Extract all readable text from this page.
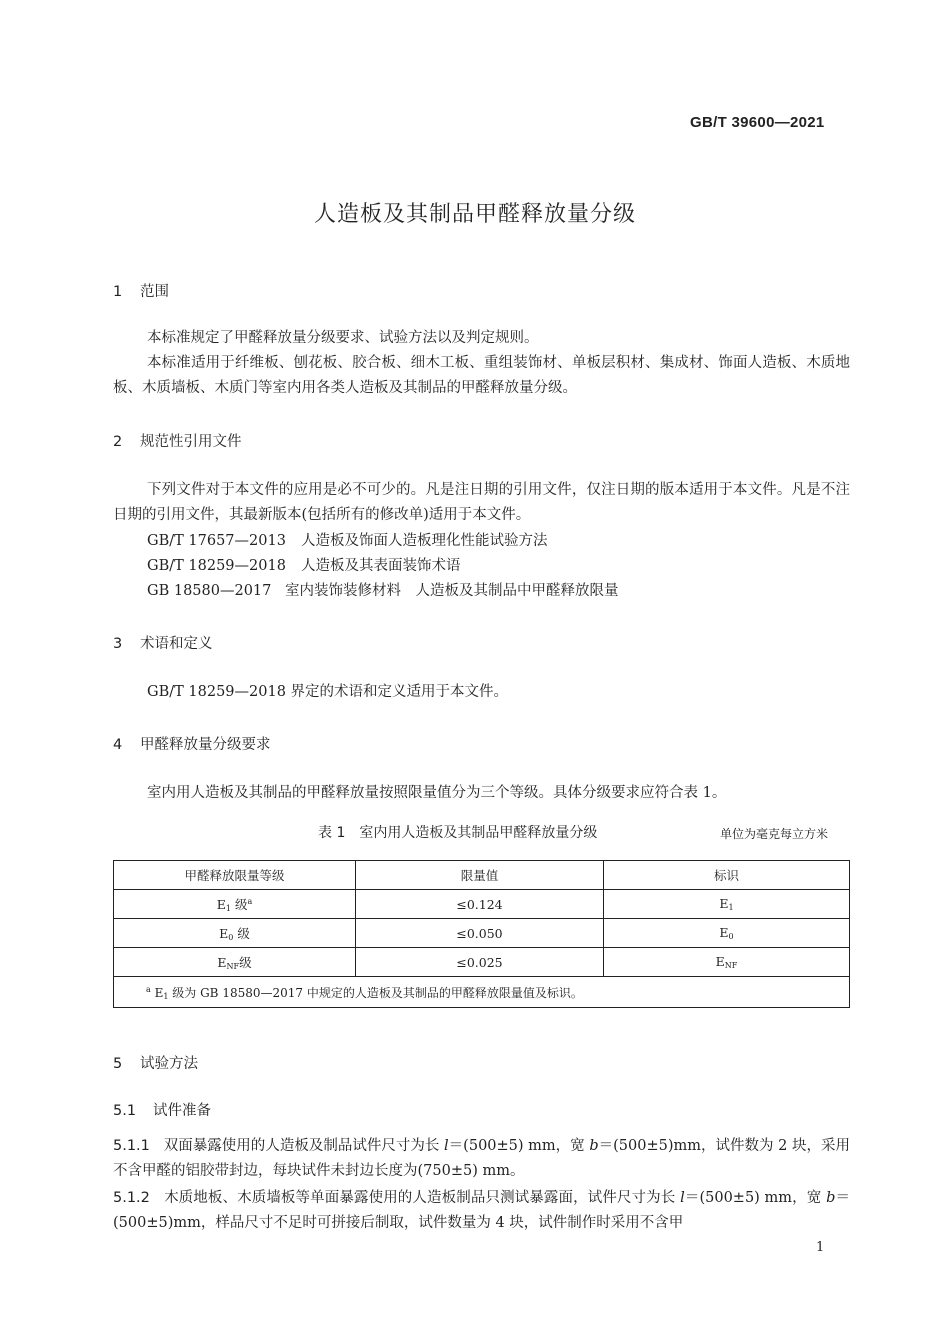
GB/T 39600—2021
人造板及其制品甲醛释放量分级
1 范围
本标准规定了甲醛释放量分级要求、试验方法以及判定规则。
本标准适用于纤维板、刨花板、胶合板、细木工板、重组装饰材、单板层积材、集成材、饰面人造板、木质地板、木质墙板、木质门等室内用各类人造板及其制品的甲醛释放量分级。
2 规范性引用文件
下列文件对于本文件的应用是必不可少的。凡是注日期的引用文件，仅注日期的版本适用于本文件。凡是不注日期的引用文件，其最新版本(包括所有的修改单)适用于本文件。
GB/T 17657—2013 人造板及饰面人造板理化性能试验方法
GB/T 18259—2018 人造板及其表面装饰术语
GB 18580—2017 室内装饰装修材料　人造板及其制品中甲醛释放限量
3 术语和定义
GB/T 18259—2018 界定的术语和定义适用于本文件。
4 甲醛释放量分级要求
室内用人造板及其制品的甲醛释放量按照限量值分为三个等级。具体分级要求应符合表 1。
表 1　室内用人造板及其制品甲醛释放量分级	单位为毫克每立方米
甲醛释放限量等级	限量值	标识
$E_1$ 级$^a$	≤0.124	$E_1$
$E_0$ 级	≤0.050	$E_0$
$E_{NF}$级	≤0.025	$E_{NF}$
$^a$ $E_1$ 级为 GB 18580—2017 中规定的人造板及其制品的甲醛释放限量值及标识。		
5 试验方法
5.1 试件准备
5.1.1 双面暴露使用的人造板及制品试件尺寸为长 l＝(500±5) mm，宽 b＝(500±5)mm，试件数为 2 块，采用不含甲醛的铝胶带封边，每块试件未封边长度为(750±5) mm。
5.1.2 木质地板、木质墙板等单面暴露使用的人造板制品只测试暴露面，试件尺寸为长 l＝(500±5) mm，宽 b＝(500±5)mm，样品尺寸不足时可拼接后制取，试件数量为 4 块，试件制作时采用不含甲
1
